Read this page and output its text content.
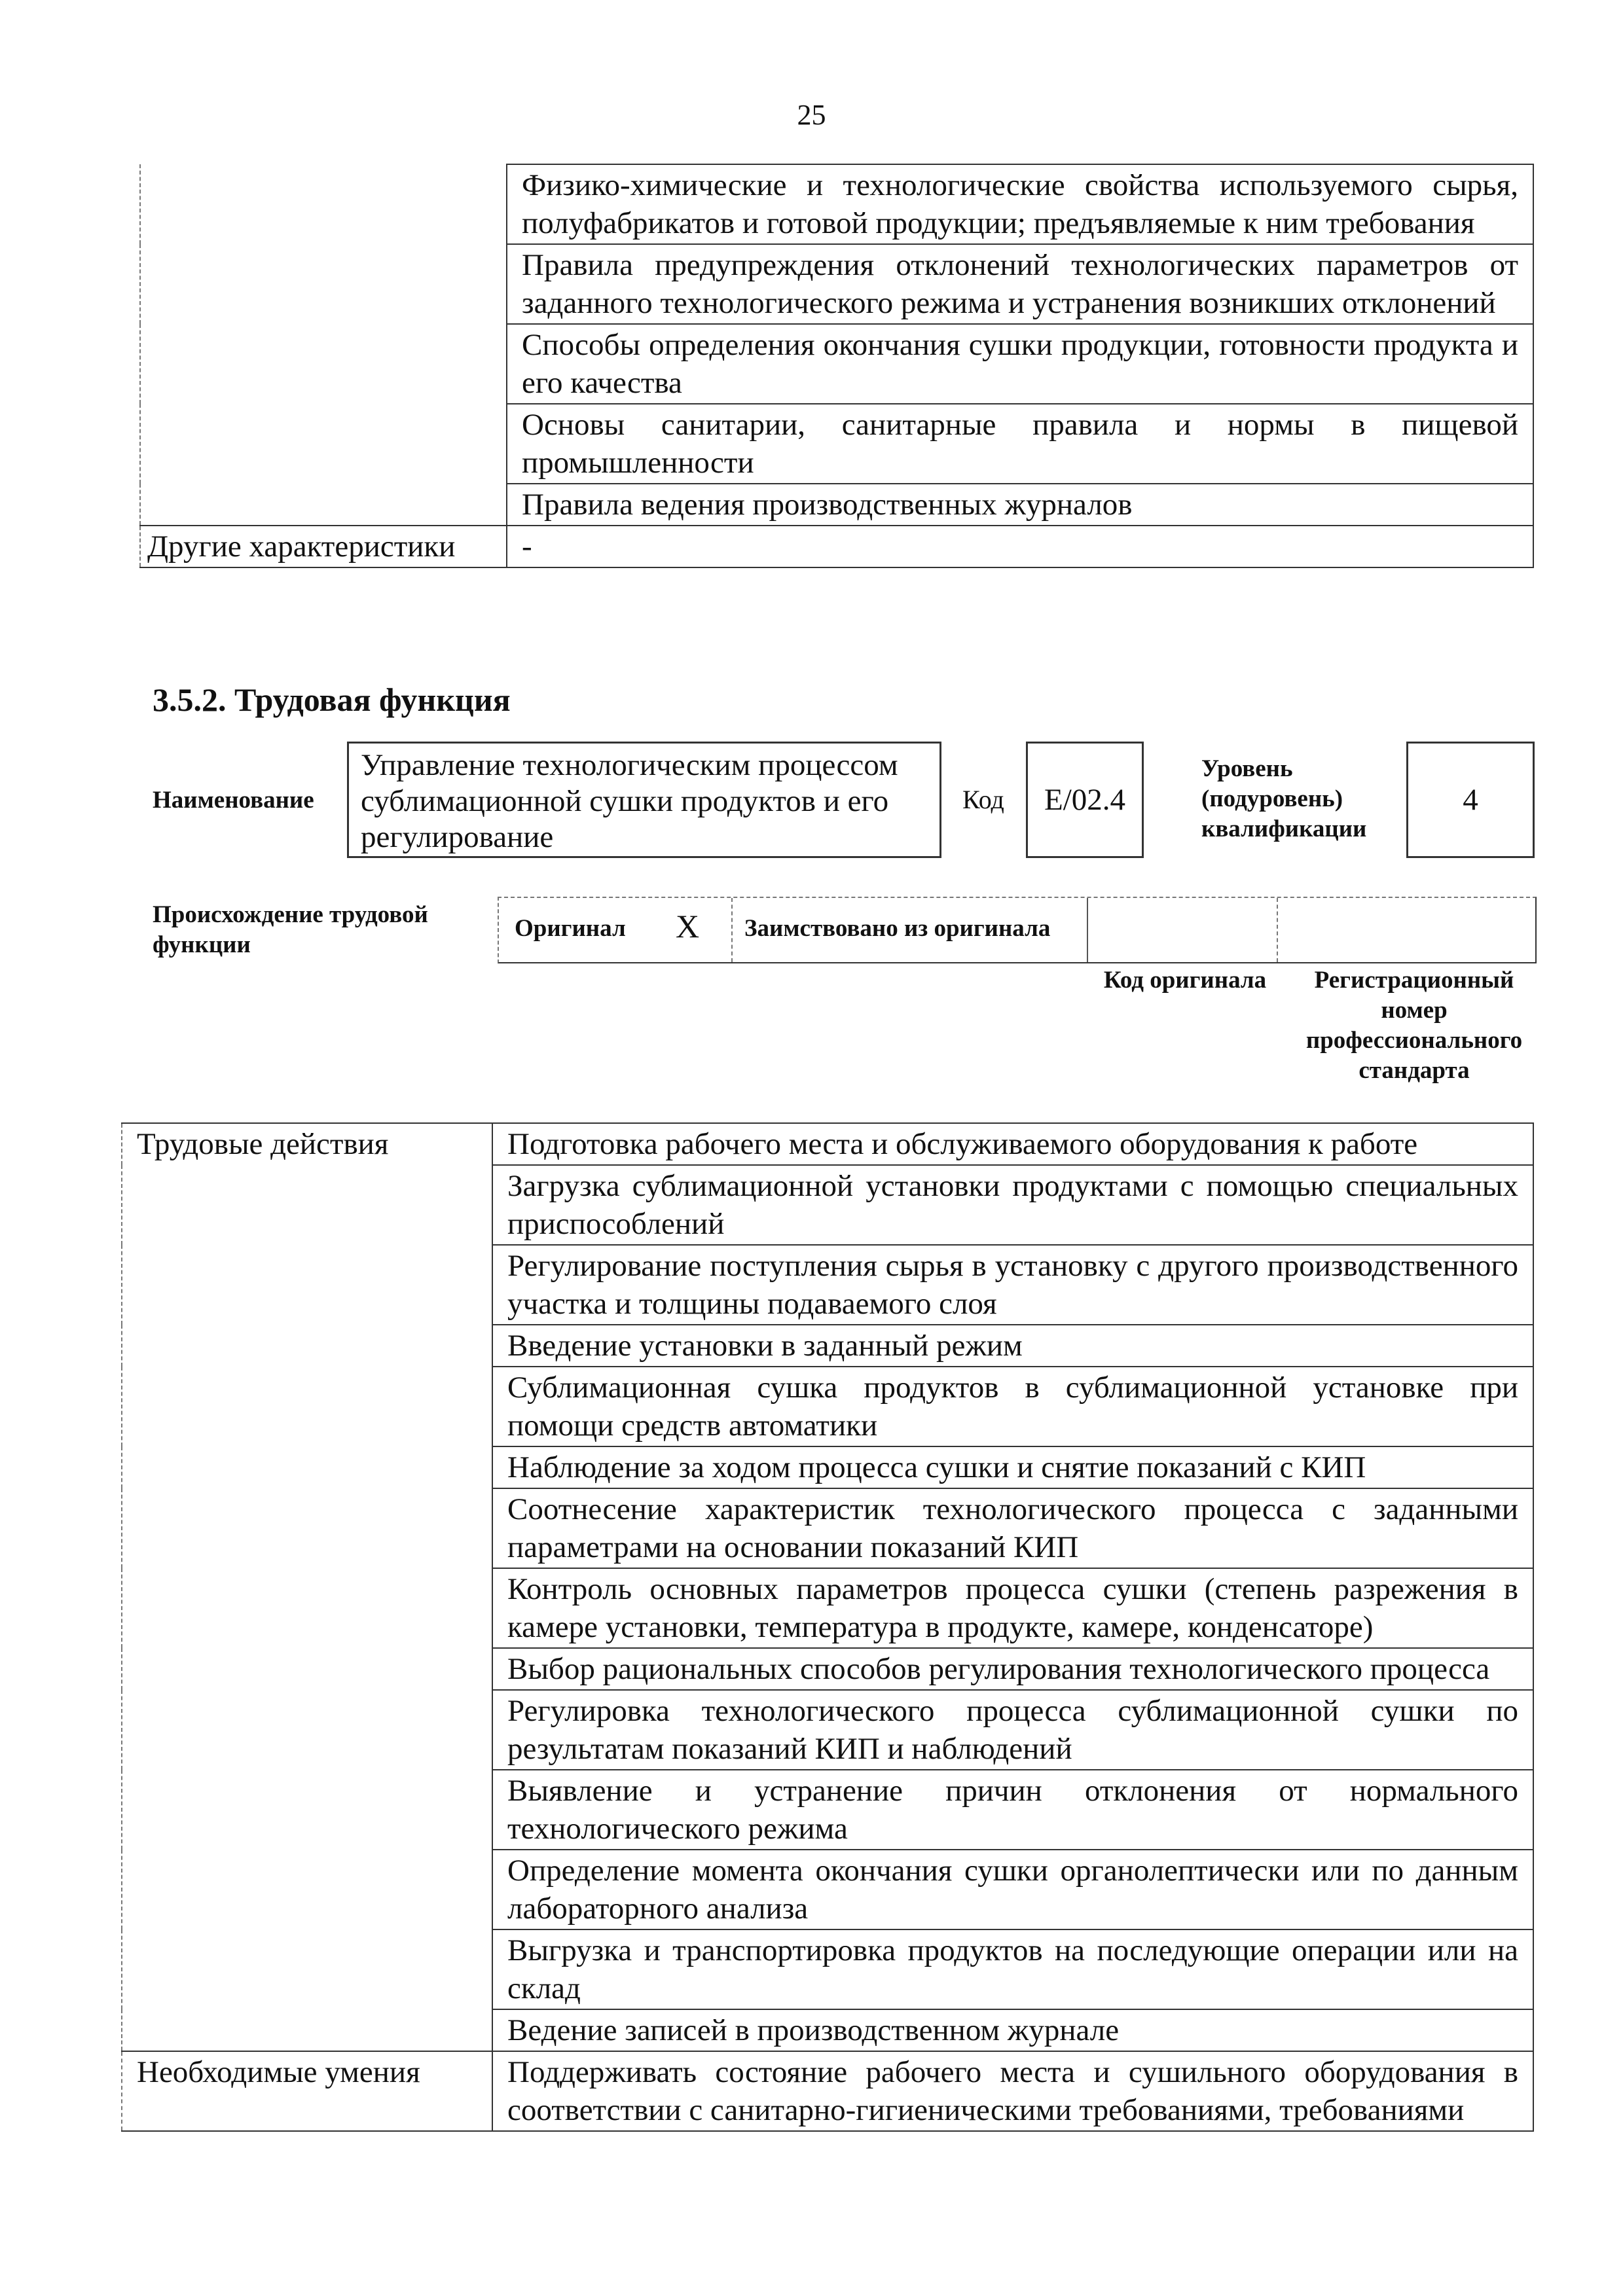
25

	Физико-химические и технологические свойства используемого сырья, полуфабрикатов и готовой продукции; предъявляемые к ним требования

	Правила предупреждения отклонений технологических параметров от заданного технологического режима и устранения возникших отклонений

	Способы определения окончания сушки продукции, готовности продукта и его качества

	Основы санитарии, санитарные правила и нормы в пищевой промышленности

	Правила ведения производственных журналов

Другие характеристики	-
3.5.2. Трудовая функция
Наименование
Управление технологическим процессом сублимационной сушки продуктов и его регулирование
Код	E/02.4
Уровень (подуровень) квалификации
4
Происхождение трудовой функции
Оригинал X Заимствовано из оригинала
Код оригинала	Регистрационный номер профессионального стандарта
Трудовые действия	Подготовка рабочего места и обслуживаемого оборудования к работе

	Загрузка сублимационной установки продуктами с помощью специальных приспособлений

	Регулирование поступления сырья в установку с другого производственного участка и толщины подаваемого слоя

	Введение установки в заданный режим

	Сублимационная сушка продуктов в сублимационной установке при помощи средств автоматики

	Наблюдение за ходом процесса сушки и снятие показаний с КИП

	Соотнесение характеристик технологического процесса с заданными параметрами на основании показаний КИП

	Контроль основных параметров процесса сушки (степень разрежения в камере установки, температура в продукте, камере, конденсаторе)

	Выбор рациональных способов регулирования технологического процесса

	Регулировка технологического процесса сублимационной сушки по результатам показаний КИП и наблюдений

	Выявление и устранение причин отклонения от нормального технологического режима

	Определение момента окончания сушки органолептически или по данным лабораторного анализа

	Выгрузка и транспортировка продуктов на последующие операции или на склад

	Ведение записей в производственном журнале

Необходимые умения	Поддерживать состояние рабочего места и сушильного оборудования в соответствии с санитарно-гигиеническими требованиями, требованиями
